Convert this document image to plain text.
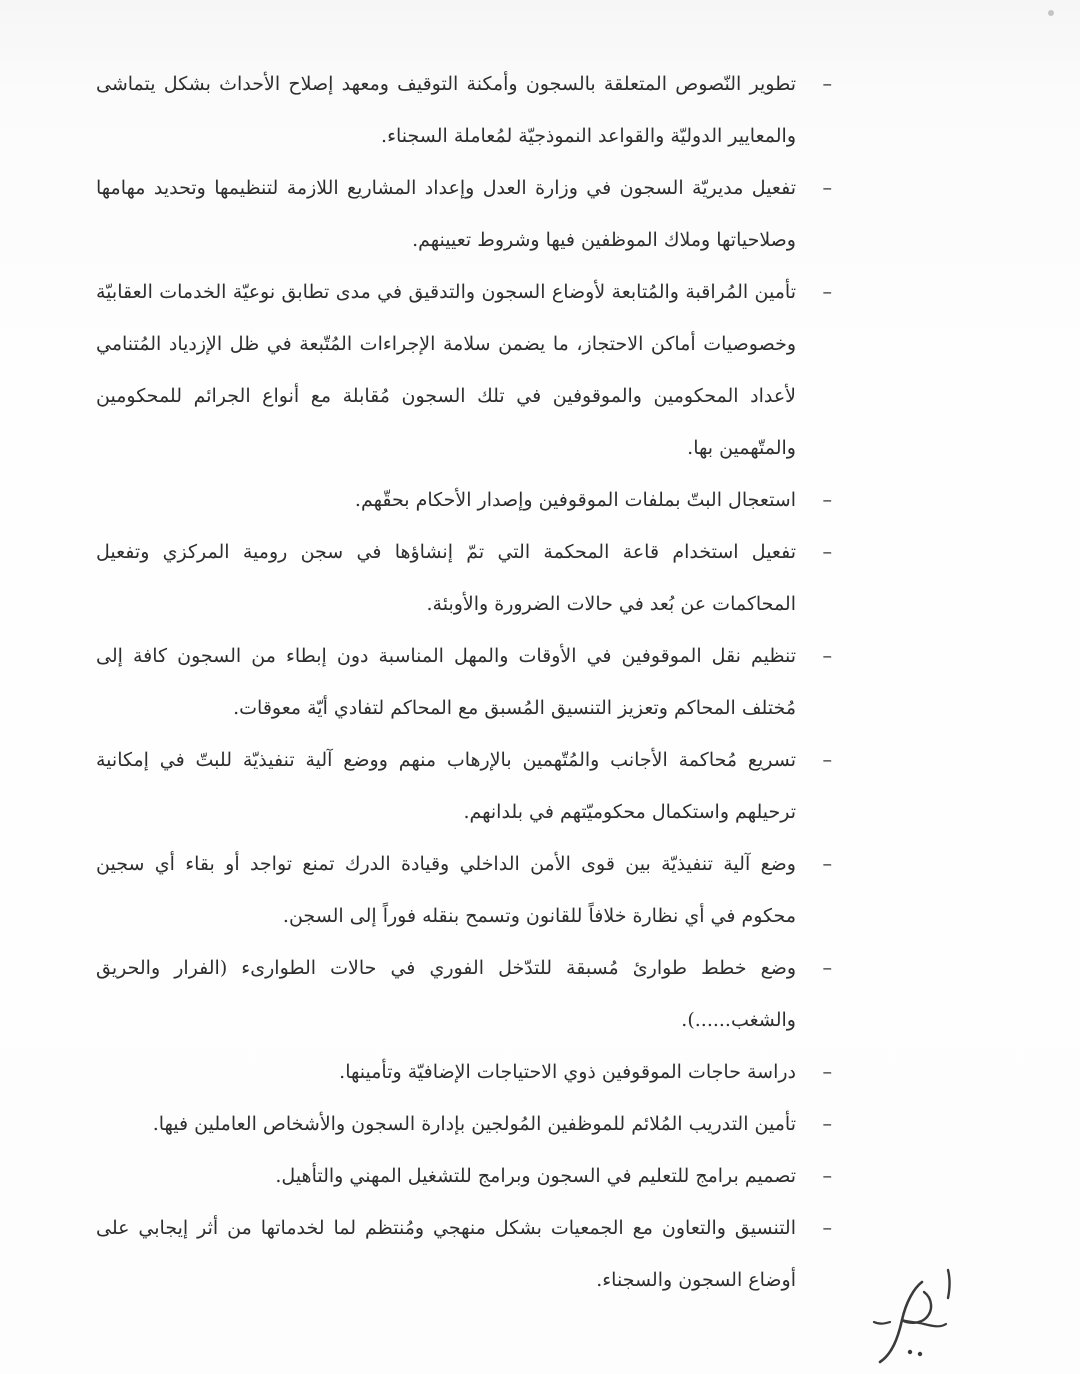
–
تطوير النّصوص المتعلقة بالسجون وأمكنة التوقيف ومعهد إصلاح الأحداث بشكل يتماشى والمعايير الدوليّة والقواعد النموذجيّة لمُعاملة السجناء.
–
تفعيل مديريّة السجون في وزارة العدل وإعداد المشاريع اللازمة لتنظيمها وتحديد مهامها وصلاحياتها وملاك الموظفين فيها وشروط تعيينهم.
–
تأمين المُراقبة والمُتابعة لأوضاع السجون والتدقيق في مدى تطابق نوعيّة الخدمات العقابيّة وخصوصيات أماكن الاحتجاز، ما يضمن سلامة الإجراءات المُتّبعة في ظل الإزدياد المُتنامي لأعداد المحكومين والموقوفين في تلك السجون مُقابلة مع أنواع الجرائم للمحكومين والمتّهمين بها.
–
استعجال البتّ بملفات الموقوفين وإصدار الأحكام بحقّهم.
–
تفعيل استخدام قاعة المحكمة التي تمّ إنشاؤها في سجن رومية المركزي وتفعيل المحاكمات عن بُعد في حالات الضرورة والأوبئة.
–
تنظيم نقل الموقوفين في الأوقات والمهل المناسبة دون إبطاء من السجون كافة إلى مُختلف المحاكم وتعزيز التنسيق المُسبق مع المحاكم لتفادي أيّة معوقات.
–
تسريع مُحاكمة الأجانب والمُتّهمين بالإرهاب منهم ووضع آلية تنفيذيّة للبتّ في إمكانية ترحيلهم واستكمال محكوميّتهم في بلدانهم.
–
وضع آلية تنفيذيّة بين قوى الأمن الداخلي وقيادة الدرك تمنع تواجد أو بقاء أي سجين محكوم في أي نظارة خلافاً للقانون وتسمح بنقله فوراً إلى السجن.
–
وضع خطط طوارئ مُسبقة للتدّخل الفوري في حالات الطوارىء (الفرار والحريق والشغب......).
–
دراسة حاجات الموقوفين ذوي الاحتياجات الإضافيّة وتأمينها.
–
تأمين التدريب المُلائم للموظفين المُولجين بإدارة السجون والأشخاص العاملين فيها.
–
تصميم برامج للتعليم في السجون وبرامج للتشغيل المهني والتأهيل.
–
التنسيق والتعاون مع الجمعيات بشكل منهجي ومُنتظم لما لخدماتها من أثر إيجابي على أوضاع السجون والسجناء.
